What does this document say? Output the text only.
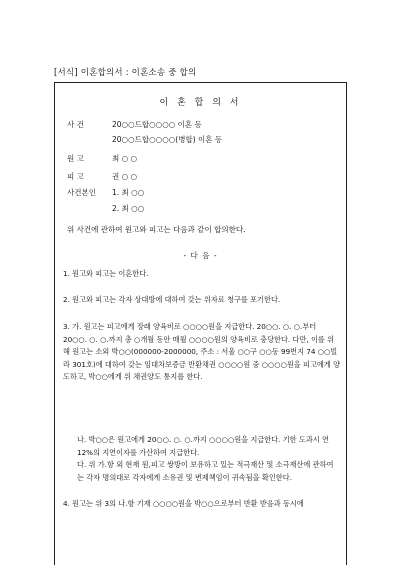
[서식] 이혼합의서 : 이혼소송 중 합의
이 혼 합 의 서
사 건	20○○드합○○○○ 이혼 등
20○○드합○○○○(병합) 이혼 등
원 고	최 ○ ○
피 고	권 ○ ○
사건본인 1. 최 ○○
2. 최 ○○
위 사건에 관하여 원고와 피고는 다음과 같이 합의한다.
- 다 음 -
1. 원고와 피고는 이혼한다.
2. 원고와 피고는 각자 상대방에 대하여 갖는 위자료 청구를 포기한다.
3. 가. 원고는 피고에게 장래 양육비로 ○○○○원을 지급한다. 20○○. ○. ○.부터 20○○. ○. ○.까지 총 ○개월 동안 매월 ○○○○원의 양육비로 충당한다. 다만, 이를 위해 원고는 소외 박○○(000000-2000000, 주소 : 서울 ○○구 ○○동 99번지 74 ○○빌라 301호)에 대하여 갖는 임대차보증금 반환채권 ○○○○원 중 ○○○○원을 피고에게 양도하고, 박○○에게 위 채권양도 통지를 한다.
나. 박○○은 원고에게 20○○. ○. ○.까지 ○○○○원을 지급한다. 기한 도과시 연 12%의 지연이자를 가산하여 지급한다.
다. 위 가.항 외 현재 원,피고 쌍방이 보유하고 있는 적극재산 및 소극재산에 관하여는 각자 명의대로 각자에게 소유권 및 변제책임이 귀속됨을 확인한다.
4. 원고는 위 3의 나.항 기재 ○○○○원을 박○○으로부터 반환 받음과 동시에
